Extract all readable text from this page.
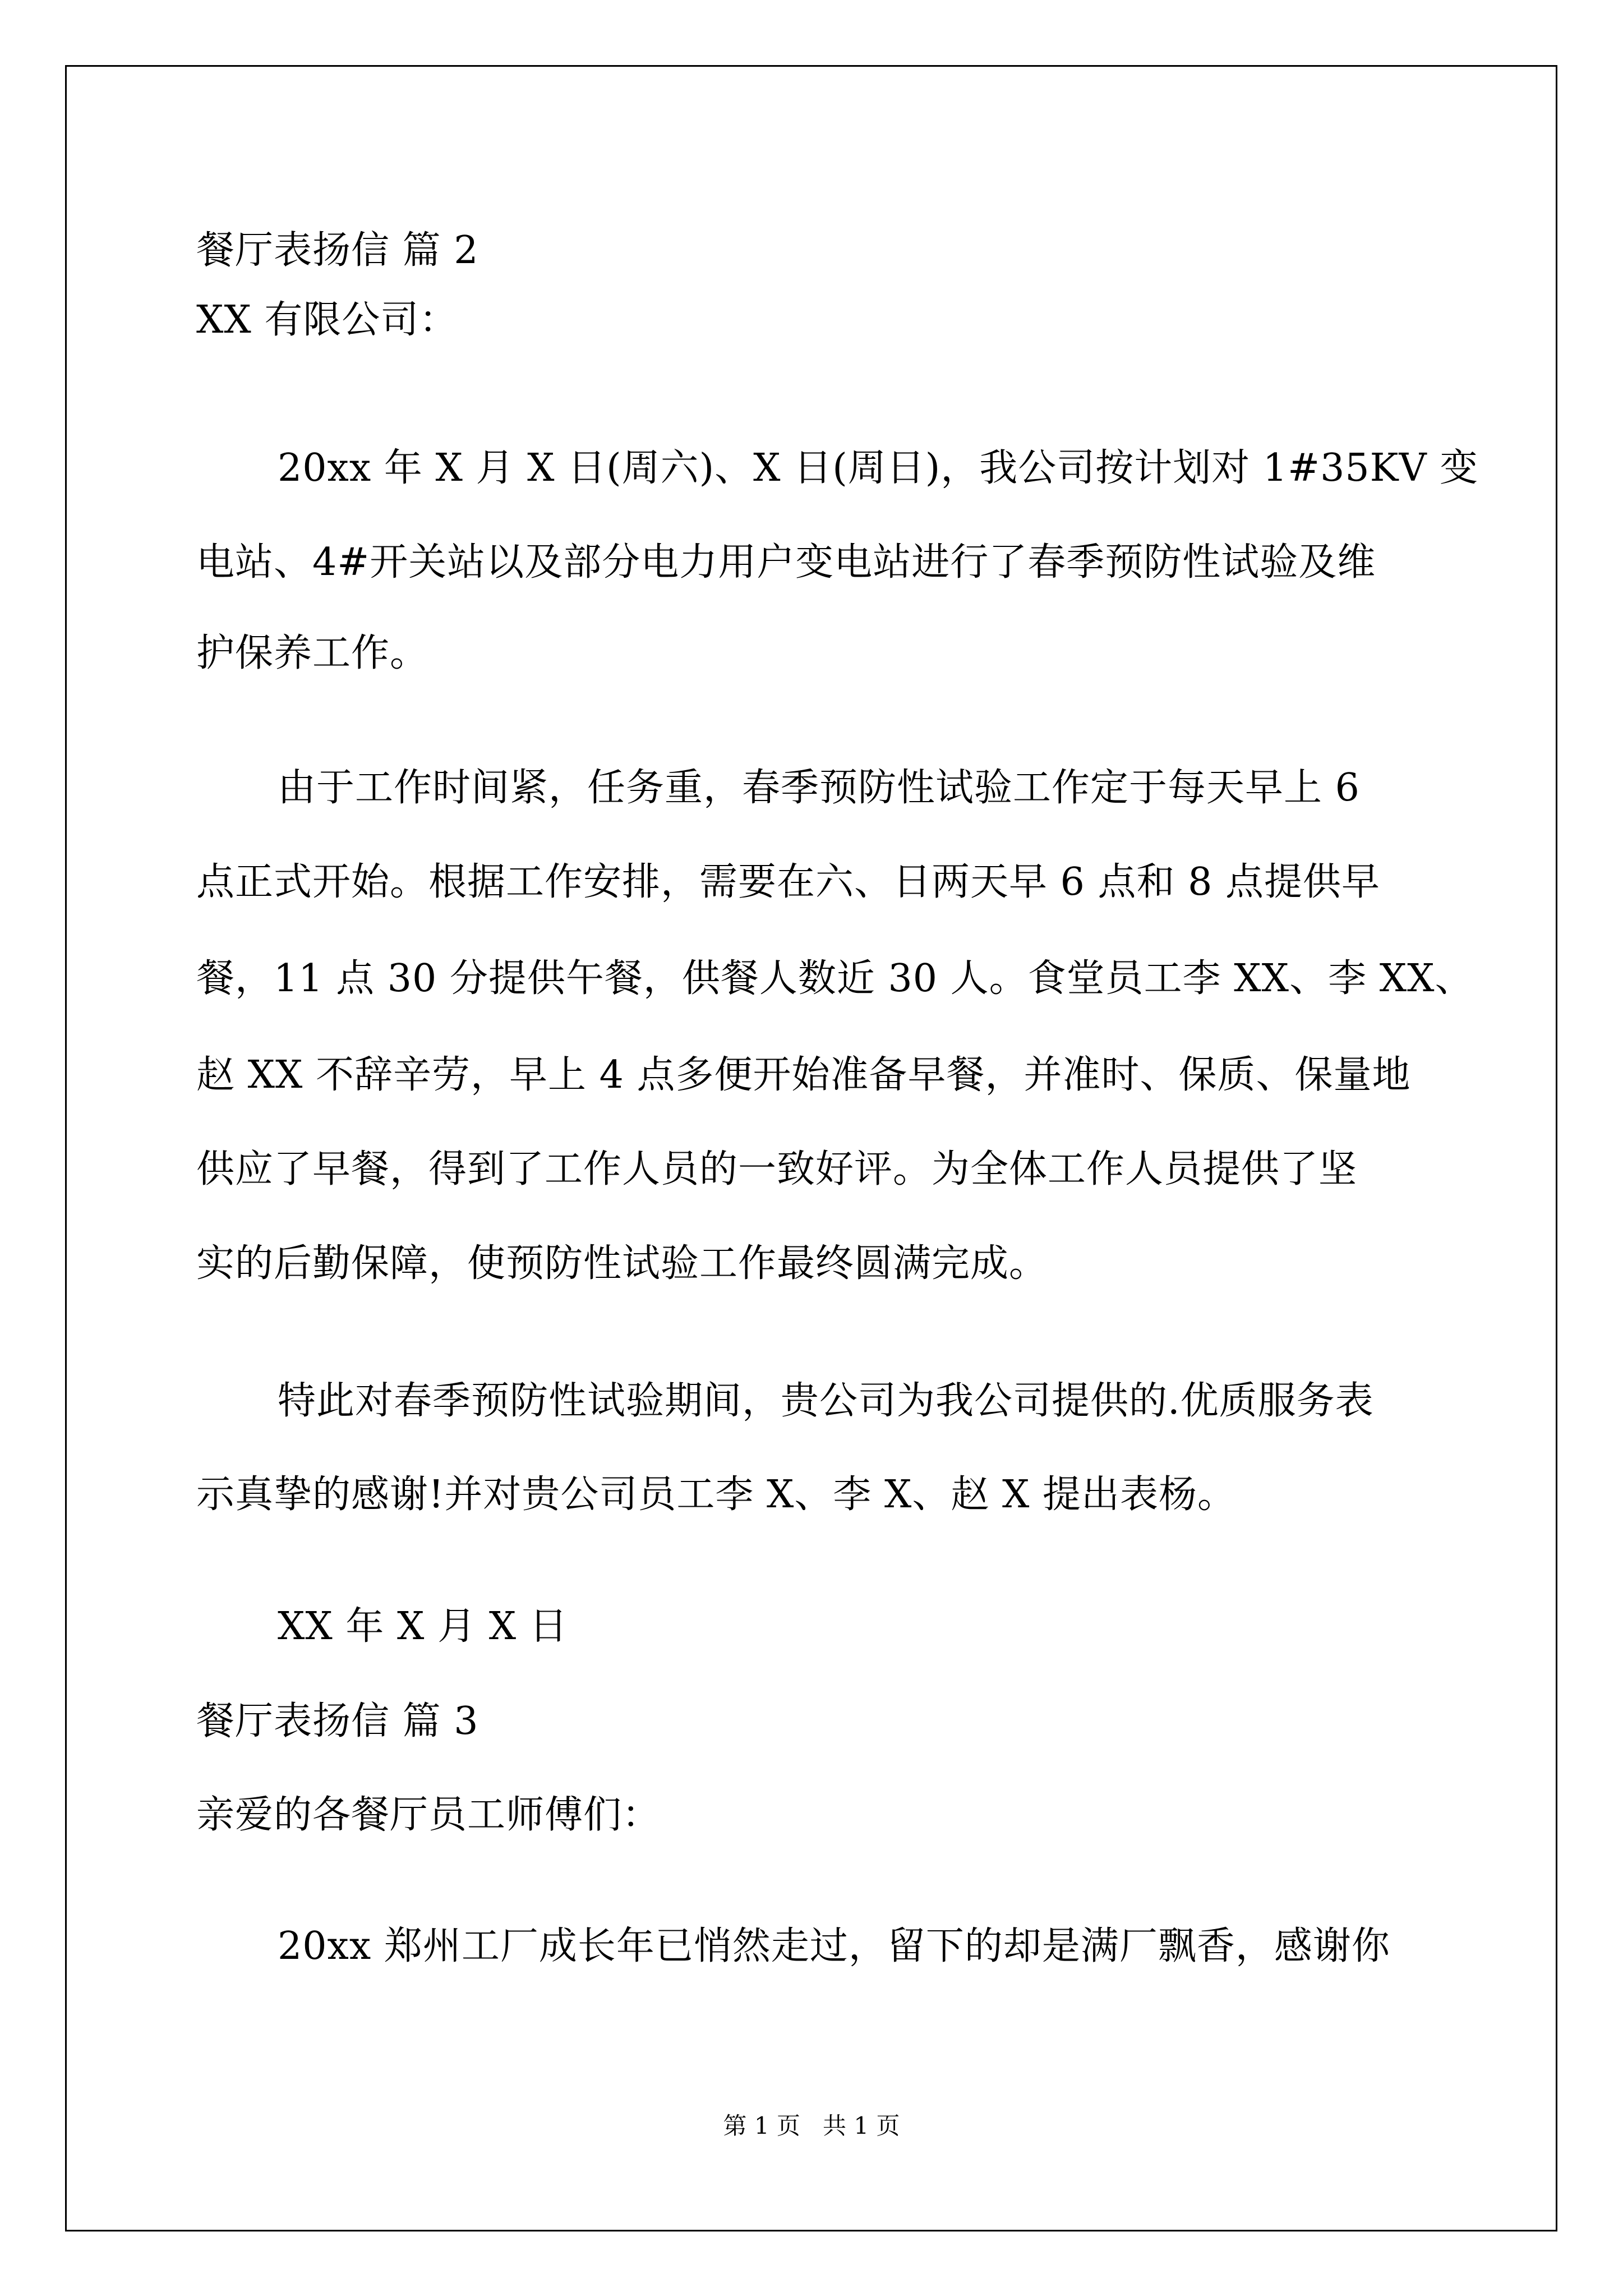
餐厅表扬信 篇 2
XX 有限公司：
20xx 年 X 月 X 日(周六)、X 日(周日)，我公司按计划对 1#35KV 变
电站、4#开关站以及部分电力用户变电站进行了春季预防性试验及维
护保养工作。
由于工作时间紧，任务重，春季预防性试验工作定于每天早上 6
点正式开始。根据工作安排，需要在六、日两天早 6 点和 8 点提供早
餐，11 点 30 分提供午餐，供餐人数近 30 人。食堂员工李 XX、李 XX、
赵 XX 不辞辛劳，早上 4 点多便开始准备早餐，并准时、保质、保量地
供应了早餐，得到了工作人员的一致好评。为全体工作人员提供了坚
实的后勤保障，使预防性试验工作最终圆满完成。
特此对春季预防性试验期间，贵公司为我公司提供的.优质服务表
示真挚的感谢!并对贵公司员工李 X、李 X、赵 X 提出表杨。
XX 年 X 月 X 日
餐厅表扬信 篇 3
亲爱的各餐厅员工师傅们：
20xx 郑州工厂成长年已悄然走过，留下的却是满厂飘香，感谢你
第 1 页   共 1 页
